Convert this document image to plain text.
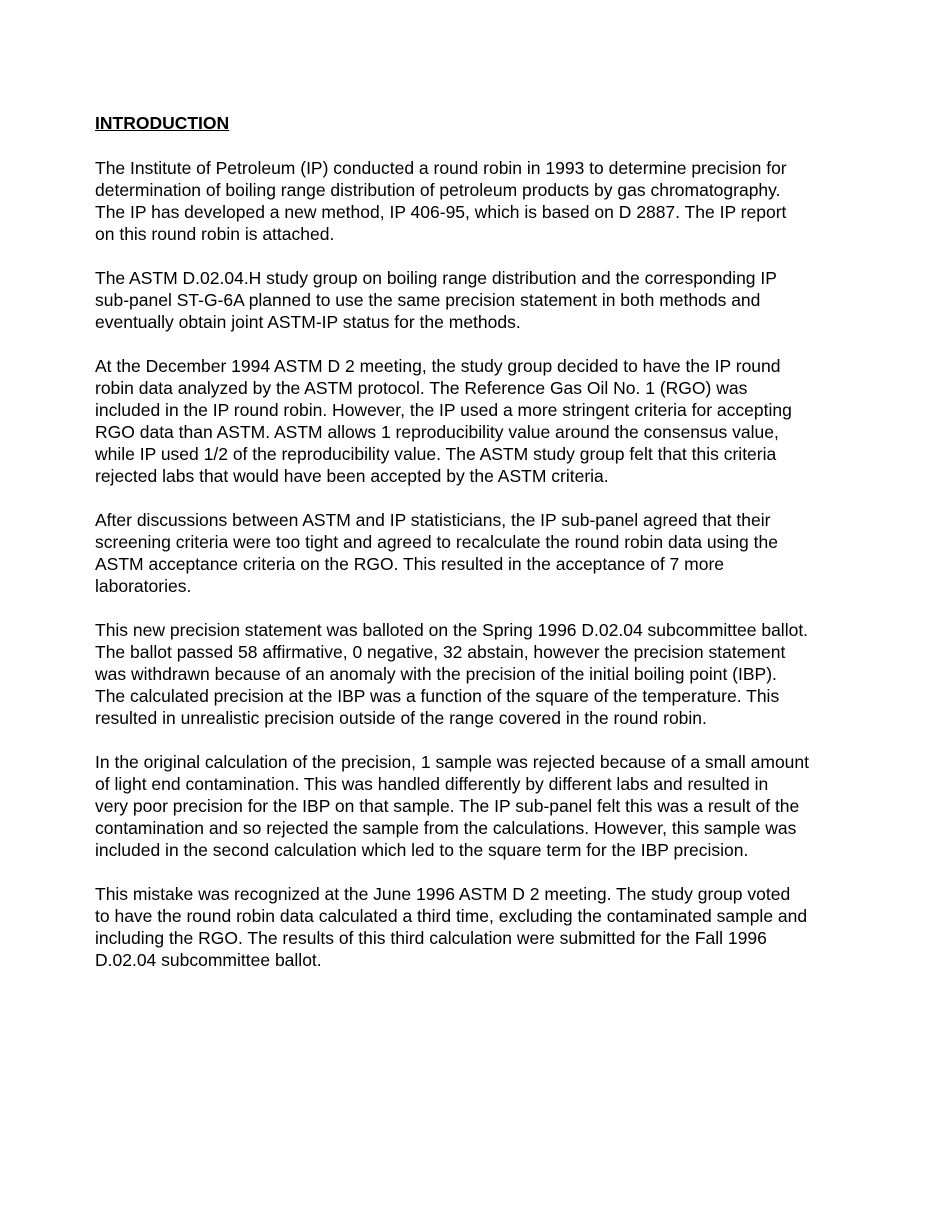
INTRODUCTION

The Institute of Petroleum (IP) conducted a round robin in 1993 to determine precision for
determination of boiling range distribution of petroleum products by gas chromatography.
The IP has developed a new method, IP 406-95, which is based on D 2887. The IP report
on this round robin is attached.

The ASTM D.02.04.H study group on boiling range distribution and the corresponding IP
sub-panel ST-G-6A planned to use the same precision statement in both methods and
eventually obtain joint ASTM-IP status for the methods.

At the December 1994 ASTM D 2 meeting, the study group decided to have the IP round
robin data analyzed by the ASTM protocol. The Reference Gas Oil No. 1 (RGO) was
included in the IP round robin. However, the IP used a more stringent criteria for accepting
RGO data than ASTM. ASTM allows 1 reproducibility value around the consensus value,
while IP used 1/2 of the reproducibility value. The ASTM study group felt that this criteria
rejected labs that would have been accepted by the ASTM criteria.

After discussions between ASTM and IP statisticians, the IP sub-panel agreed that their
screening criteria were too tight and agreed to recalculate the round robin data using the
ASTM acceptance criteria on the RGO. This resulted in the acceptance of 7 more
laboratories.

This new precision statement was balloted on the Spring 1996 D.02.04 subcommittee ballot.
The ballot passed 58 affirmative, 0 negative, 32 abstain, however the precision statement
was withdrawn because of an anomaly with the precision of the initial boiling point (IBP).
The calculated precision at the IBP was a function of the square of the temperature. This
resulted in unrealistic precision outside of the range covered in the round robin.

In the original calculation of the precision, 1 sample was rejected because of a small amount
of light end contamination. This was handled differently by different labs and resulted in
very poor precision for the IBP on that sample. The IP sub-panel felt this was a result of the
contamination and so rejected the sample from the calculations. However, this sample was
included in the second calculation which led to the square term for the IBP precision.

This mistake was recognized at the June 1996 ASTM D 2 meeting. The study group voted
to have the round robin data calculated a third time, excluding the contaminated sample and
including the RGO. The results of this third calculation were submitted for the Fall 1996
D.02.04 subcommittee ballot.
